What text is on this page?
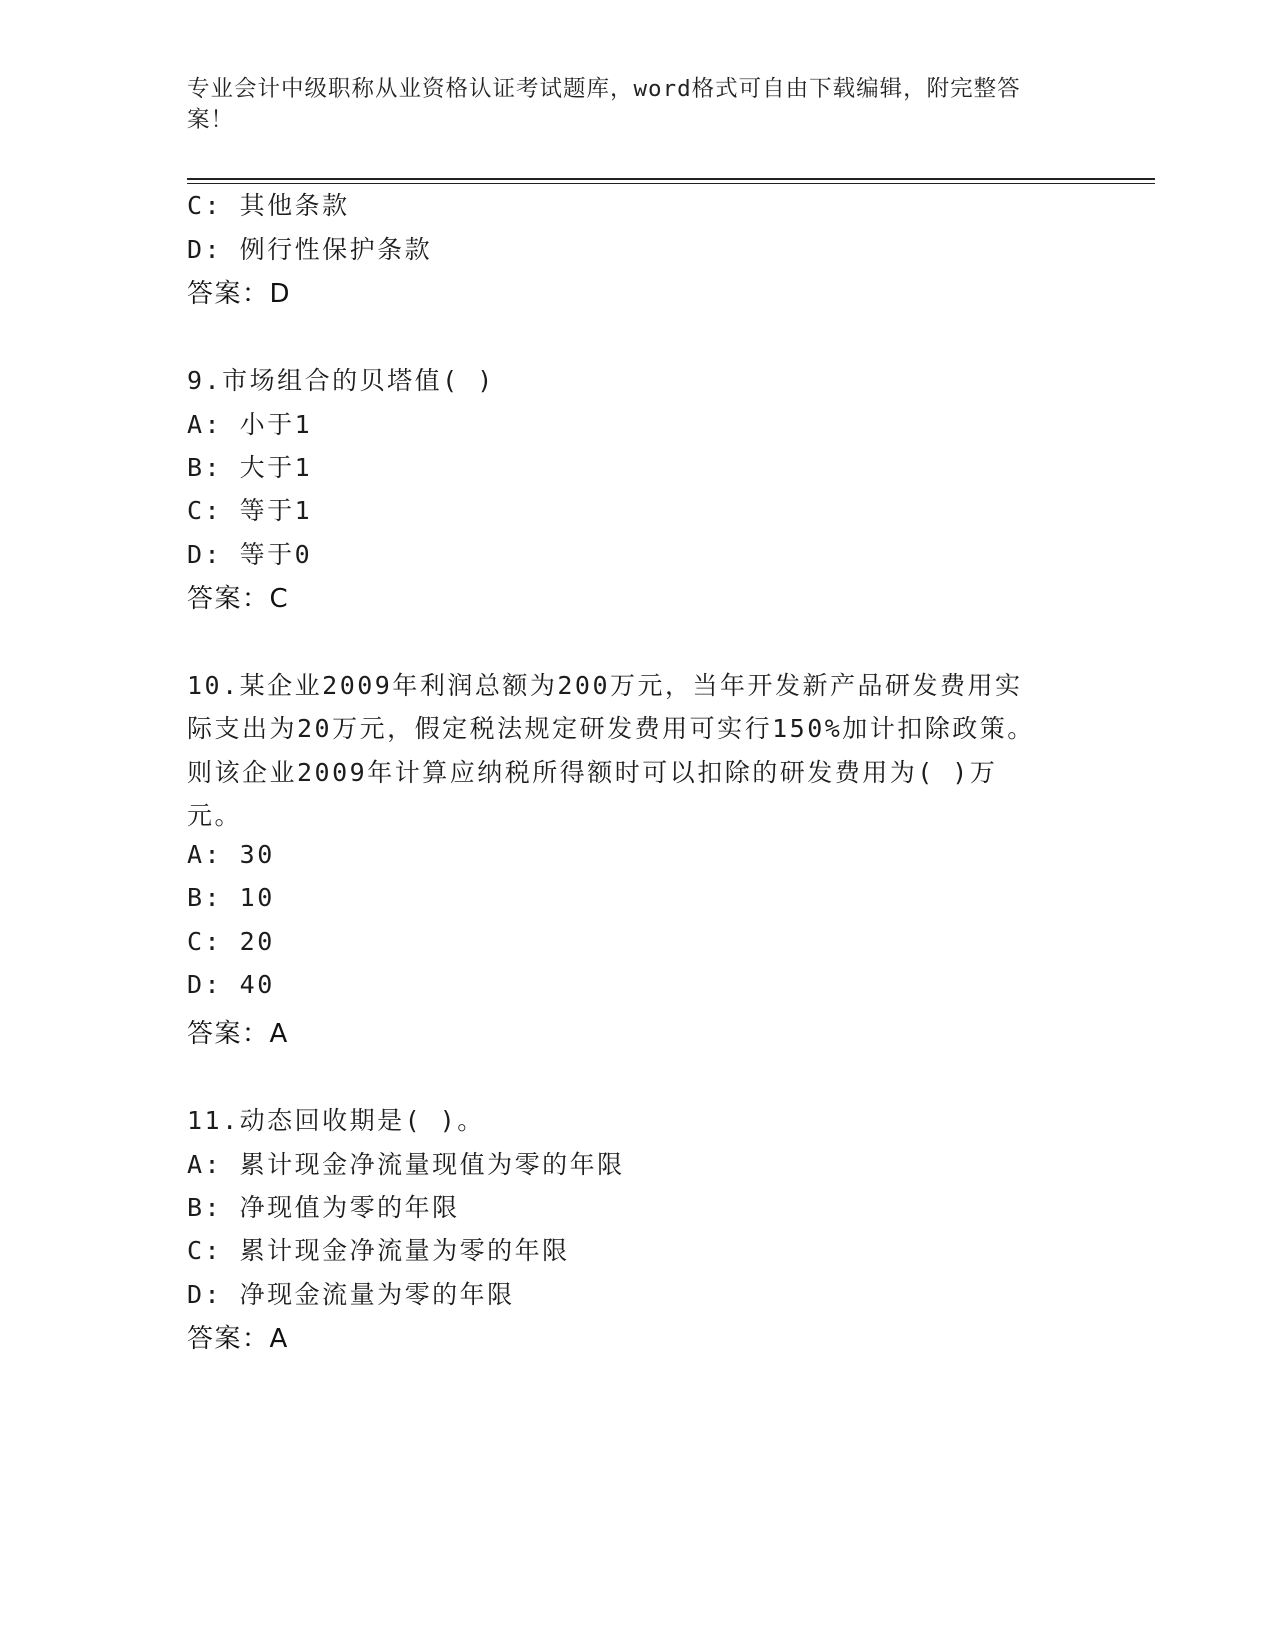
专业会计中级职称从业资格认证考试题库，word格式可自由下载编辑，附完整答
案！
C: 其他条款
D: 例行性保护条款
答案：D
9.市场组合的贝塔值( )
A: 小于1
B: 大于1
C: 等于1
D: 等于0
答案：C
10.某企业2009年利润总额为200万元，当年开发新产品研发费用实
际支出为20万元，假定税法规定研发费用可实行150%加计扣除政策。
则该企业2009年计算应纳税所得额时可以扣除的研发费用为( )万
元。
A: 30
B: 10
C: 20
D: 40
答案：A
11.动态回收期是( )。
A: 累计现金净流量现值为零的年限
B: 净现值为零的年限
C: 累计现金净流量为零的年限
D: 净现金流量为零的年限
答案：A
